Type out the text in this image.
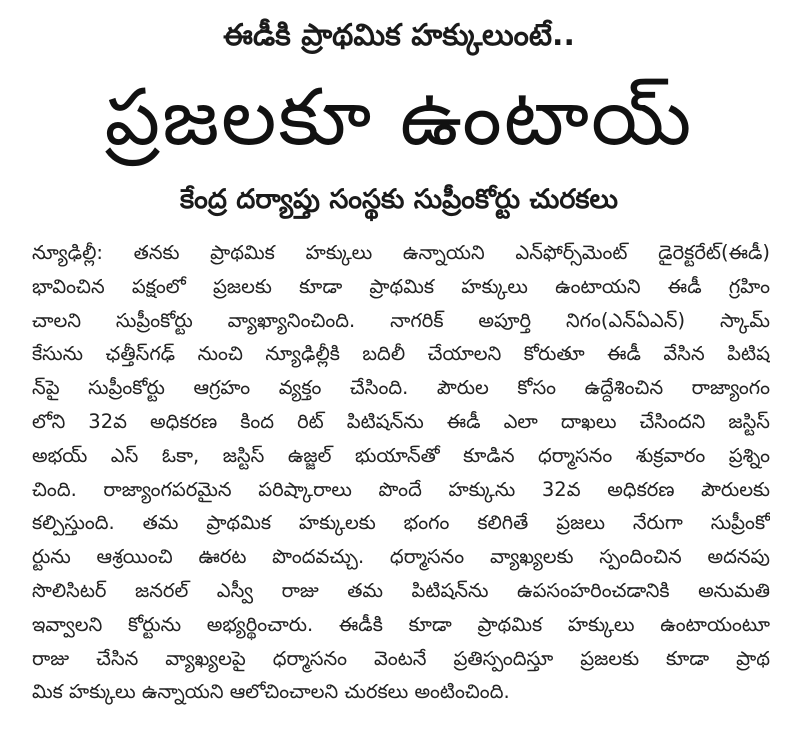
ఈడీకి ప్రాథమిక హక్కులుంటే..
ప్రజలకూ ఉంటాయ్
కేంద్ర దర్యాప్తు సంస్థకు సుప్రీంకోర్టు చురకలు
న్యూఢిల్లీ: తనకు ప్రాథమిక హక్కులు ఉన్నాయని ఎన్‌ఫోర్స్‌మెంట్ డైరెక్టరేట్(ఈడీ)
భావించిన పక్షంలో ప్రజలకు కూడా ప్రాథమిక హక్కులు ఉంటాయని ఈడీ గ్రహిం
చాలని సుప్రీంకోర్టు వ్యాఖ్యానించింది. నాగరిక్ అపూర్తి నిగం(ఎన్ఏఎన్) స్కామ్
కేసును ఛత్తీస్‌గఢ్ నుంచి న్యూఢిల్లీకి బదిలీ చేయాలని కోరుతూ ఈడీ వేసిన పిటిష
న్‌పై సుప్రీంకోర్టు ఆగ్రహం వ్యక్తం చేసింది. పౌరుల కోసం ఉద్దేశించిన రాజ్యాంగం
లోని 32వ అధికరణ కింద రిట్ పిటిషన్‌ను ఈడీ ఎలా దాఖలు చేసిందని జస్టిస్
అభయ్ ఎస్ ఓకా, జస్టిస్ ఉజ్జల్ భుయాన్‌తో కూడిన ధర్మాసనం శుక్రవారం ప్రశ్నిం
చింది. రాజ్యాంగపరమైన పరిష్కారాలు పొందే హక్కును 32వ అధికరణ పౌరులకు
కల్పిస్తుంది. తమ ప్రాథమిక హక్కులకు భంగం కలిగితే ప్రజలు నేరుగా సుప్రీంకో
ర్టును ఆశ్రయించి ఊరట పొందవచ్చు. ధర్మాసనం వ్యాఖ్యలకు స్పందించిన అదనపు
సొలిసిటర్ జనరల్ ఎస్వీ రాజు తమ పిటిషన్‌ను ఉపసంహరించడానికి అనుమతి
ఇవ్వాలని కోర్టును అభ్యర్థించారు. ఈడీకి కూడా ప్రాథమిక హక్కులు ఉంటాయంటూ
రాజు చేసిన వ్యాఖ్యలపై ధర్మాసనం వెంటనే ప్రతిస్పందిస్తూ ప్రజలకు కూడా ప్రాథ
మిక హక్కులు ఉన్నాయని ఆలోచించాలని చురకలు అంటించింది.
